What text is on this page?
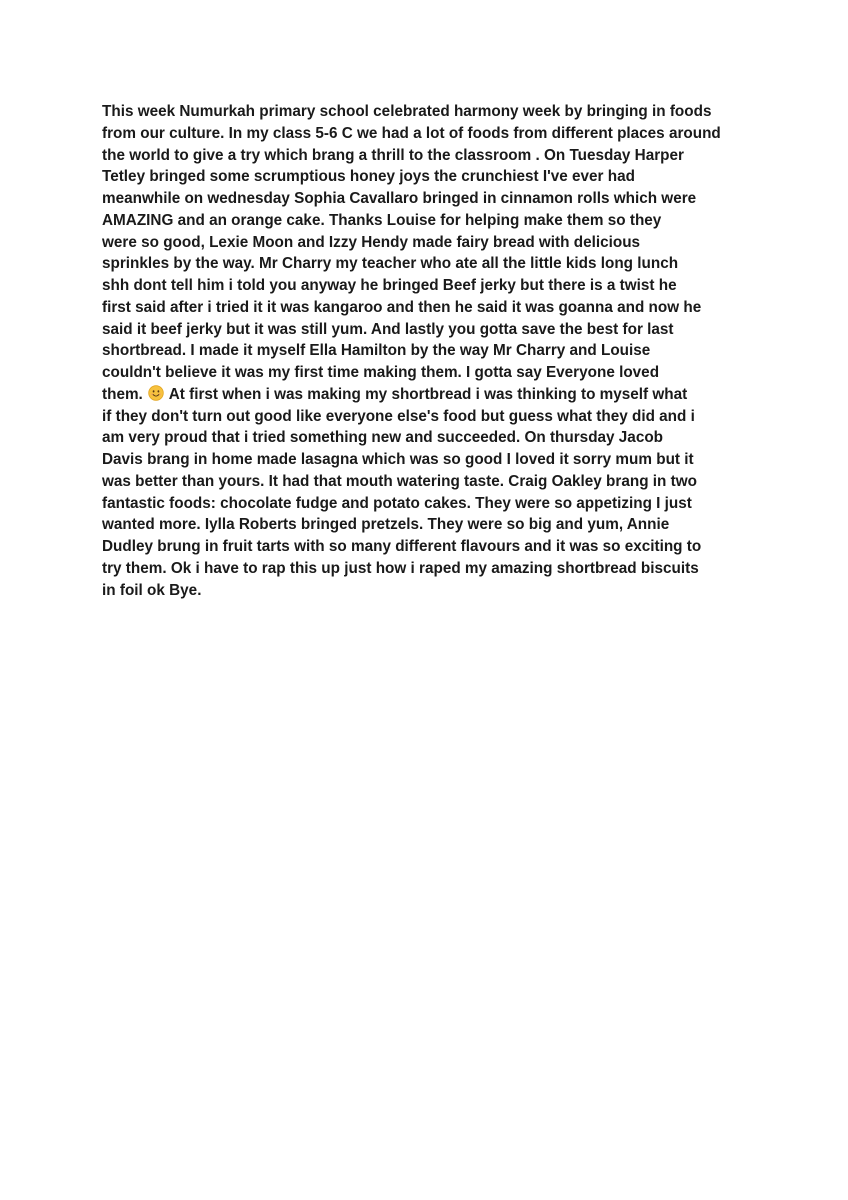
This week Numurkah primary school celebrated harmony week by bringing in foods
from our culture. In my class 5-6 C we had a lot of foods from different places around
the world to give a try which brang a thrill to the classroom . On Tuesday Harper
Tetley bringed some scrumptious honey joys the crunchiest I've ever had
meanwhile on wednesday Sophia Cavallaro bringed in cinnamon rolls which were
AMAZING and an orange cake. Thanks Louise for helping make them so they
were so good, Lexie Moon and Izzy Hendy made fairy bread with delicious
sprinkles by the way. Mr Charry my teacher who ate all the little kids long lunch
shh dont tell him i told you anyway he bringed Beef jerky but there is a twist he
first said after i tried it it was kangaroo and then he said it was goanna and now he
said it beef jerky but it was still yum. And lastly you gotta save the best for last
shortbread. I made it myself Ella Hamilton by the way Mr Charry and Louise
couldn't believe it was my first time making them. I gotta say Everyone loved
them. At first when i was making my shortbread i was thinking to myself what
if they don't turn out good like everyone else's food but guess what they did and i
am very proud that i tried something new and succeeded. On thursday Jacob
Davis brang in home made lasagna which was so good I loved it sorry mum but it
was better than yours. It had that mouth watering taste. Craig Oakley brang in two
fantastic foods: chocolate fudge and potato cakes. They were so appetizing I just
wanted more. Iylla Roberts bringed pretzels. They were so big and yum, Annie
Dudley brung in fruit tarts with so many different flavours and it was so exciting to
try them. Ok i have to rap this up just how i raped my amazing shortbread biscuits
in foil ok Bye.
